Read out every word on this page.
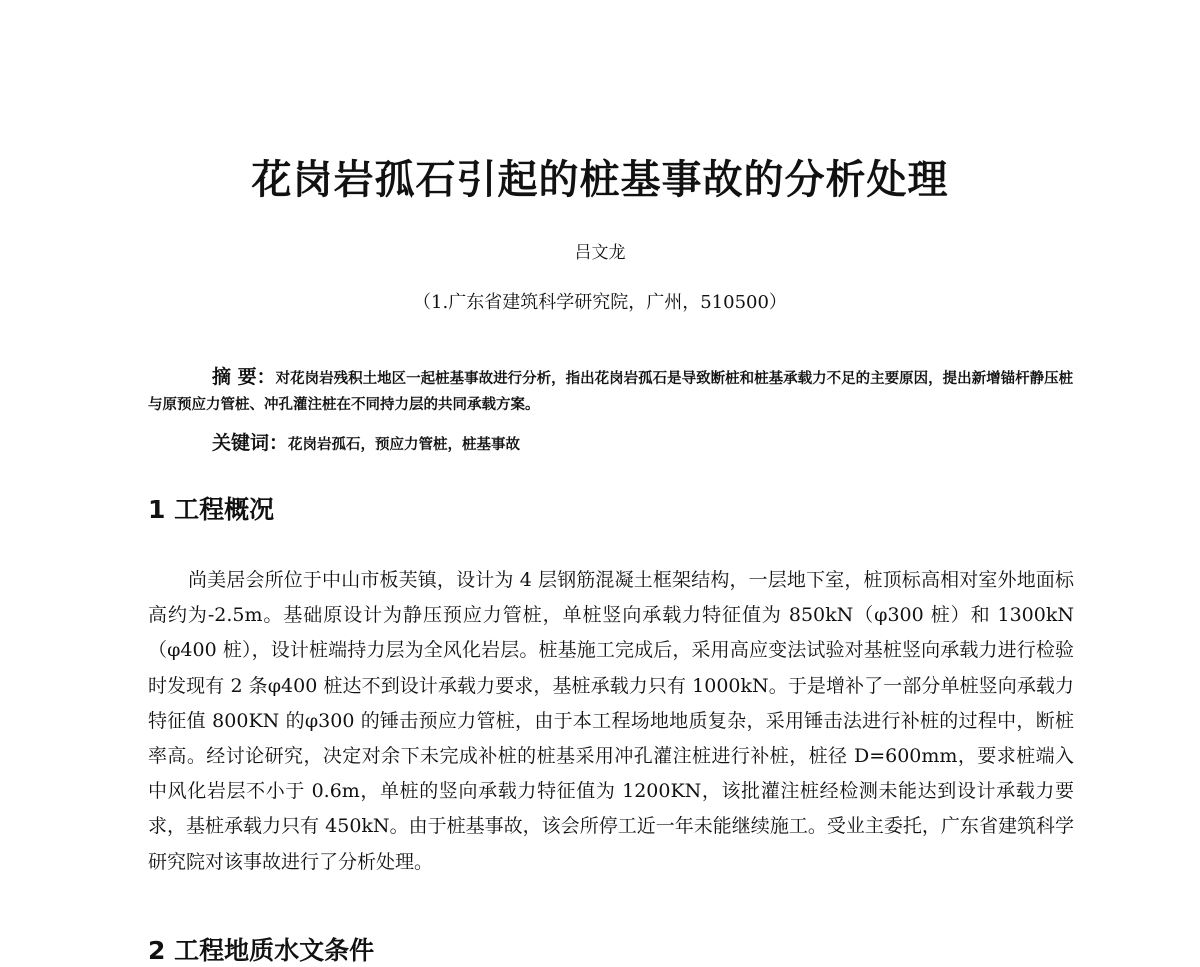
花岗岩孤石引起的桩基事故的分析处理
吕文龙
（1.广东省建筑科学研究院，广州，510500）
摘 要：对花岗岩残积土地区一起桩基事故进行分析，指出花岗岩孤石是导致断桩和桩基承载力不足的主要原因，提出新增锚杆静压桩与原预应力管桩、冲孔灌注桩在不同持力层的共同承载方案。
关键词：花岗岩孤石，预应力管桩，桩基事故
1 工程概况

尚美居会所位于中山市板芙镇，设计为 4 层钢筋混凝土框架结构，一层地下室，桩顶标高相对室外地面标高约为-2.5m。基础原设计为静压预应力管桩，单桩竖向承载力特征值为 850kN（φ300 桩）和 1300kN（φ400 桩），设计桩端持力层为全风化岩层。桩基施工完成后，采用高应变法试验对基桩竖向承载力进行检验时发现有 2 条φ400 桩达不到设计承载力要求，基桩承载力只有 1000kN。于是增补了一部分单桩竖向承载力特征值 800KN 的φ300 的锤击预应力管桩，由于本工程场地地质复杂，采用锤击法进行补桩的过程中，断桩率高。经讨论研究，决定对余下未完成补桩的桩基采用冲孔灌注桩进行补桩，桩径 D=600mm，要求桩端入中风化岩层不小于 0.6m，单桩的竖向承载力特征值为 1200KN，该批灌注桩经检测未能达到设计承载力要求，基桩承载力只有 450kN。由于桩基事故，该会所停工近一年未能继续施工。受业主委托，广东省建筑科学研究院对该事故进行了分析处理。

2 工程地质水文条件
